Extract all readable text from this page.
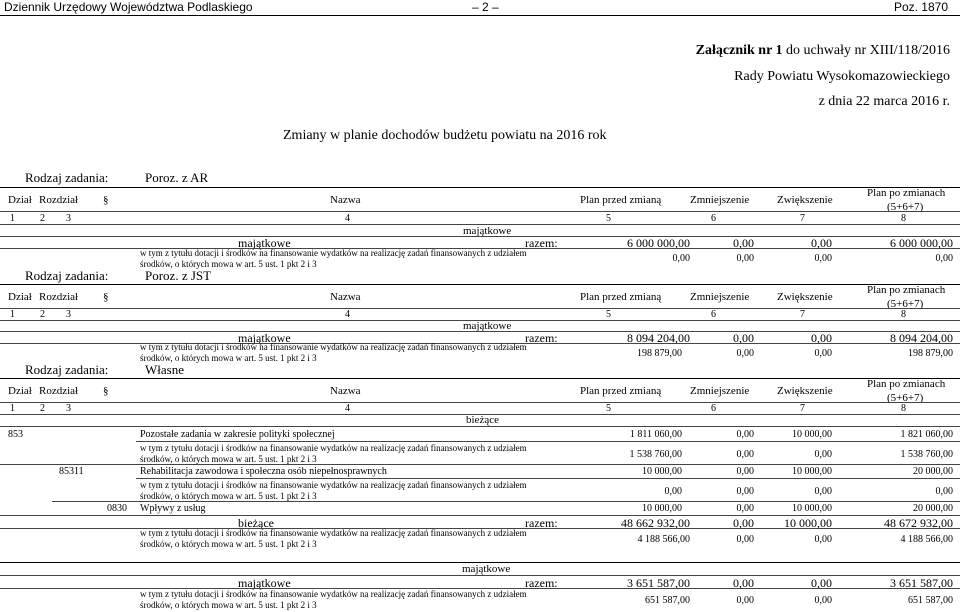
Dziennik Urzędowy Województwa Podlaskiego	– 2 –	Poz. 1870
Załącznik nr 1 do uchwały nr XIII/118/2016
Rady Powiatu Wysokomazowieckiego
z dnia 22 marca 2016 r.
Zmiany w planie dochodów budżetu powiatu na 2016 rok
Rodzaj zadania:	Poroz. z AR
Dział Rozdział §	Nazwa	Plan przed zmianą	Zmniejszenie	Zwiększenie
Plan po zmianach
(5+6+7)
1	2 3	4	5	6	7	8
majątkowe
majątkowe	razem:	6 000 000,00	0,00	0,00	6 000 000,00
w tym z tytułu dotacji i środków na finansowanie wydatków na realizację zadań finansowanych z udziałem
środków, o których mowa w art. 5 ust. 1 pkt 2 i 3	0,00	0,00	0,00	0,00
Rodzaj zadania:	Poroz. z JST
Dział Rozdział §	Nazwa	Plan przed zmianą	Zmniejszenie	Zwiększenie
Plan po zmianach
(5+6+7)
1	2 3	4	5	6	7	8
majątkowe
majątkowe	razem:	8 094 204,00	0,00	0,00	8 094 204,00
w tym z tytułu dotacji i środków na finansowanie wydatków na realizację zadań finansowanych z udziałem
środków, o których mowa w art. 5 ust. 1 pkt 2 i 3	198 879,00	0,00	0,00	198 879,00
Rodzaj zadania:	Własne
Dział Rozdział §	Nazwa	Plan przed zmianą	Zmniejszenie	Zwiększenie
Plan po zmianach
(5+6+7)
1	2 3	4	5	6	7	8
bieżące
853	Pozostałe zadania w zakresie polityki społecznej	1 811 060,00	0,00	10 000,00	1 821 060,00
w tym z tytułu dotacji i środków na finansowanie wydatków na realizację zadań finansowanych z udziałem
środków, o których mowa w art. 5 ust. 1 pkt 2 i 3	1 538 760,00	0,00	0,00	1 538 760,00
85311	Rehabilitacja zawodowa i społeczna osób niepełnosprawnych	10 000,00	0,00	10 000,00	20 000,00
w tym z tytułu dotacji i środków na finansowanie wydatków na realizację zadań finansowanych z udziałem
środków, o których mowa w art. 5 ust. 1 pkt 2 i 3	0,00	0,00	0,00	0,00
0830 Wpływy z usług	10 000,00	0,00	10 000,00	20 000,00
bieżące	razem:	48 662 932,00	0,00	10 000,00	48 672 932,00
w tym z tytułu dotacji i środków na finansowanie wydatków na realizację zadań finansowanych z udziałem
środków, o których mowa w art. 5 ust. 1 pkt 2 i 3	4 188 566,00	0,00	0,00	4 188 566,00
majątkowe
majątkowe	razem:	3 651 587,00	0,00	0,00	3 651 587,00
w tym z tytułu dotacji i środków na finansowanie wydatków na realizację zadań finansowanych z udziałem
środków, o których mowa w art. 5 ust. 1 pkt 2 i 3	651 587,00	0,00	0,00	651 587,00
